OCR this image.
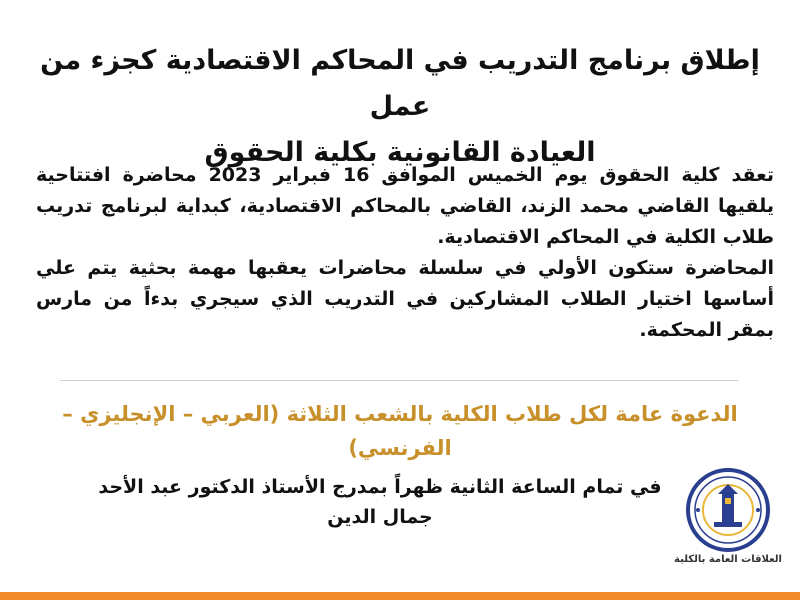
إطلاق برنامج التدريب في المحاكم الاقتصادية كجزء من عمل
العيادة القانونية بكلية الحقوق

تعقد كلية الحقوق يوم الخميس الموافق 16 فبراير 2023 محاضرة افتتاحية يلقيها القاضي محمد الزند، القاضي بالمحاكم الاقتصادية، كبداية لبرنامج تدريب طلاب الكلية في المحاكم الاقتصادية.

المحاضرة ستكون الأولي في سلسلة محاضرات يعقبها مهمة بحثية يتم علي أساسها اختيار الطلاب المشاركين في التدريب الذي سيجري بدءاً من مارس بمقر المحكمة.

الدعوة عامة لكل طلاب الكلية بالشعب الثلاثة (العربي – الإنجليزي – الفرنسي)
في تمام الساعة الثانية ظهراً بمدرج الأستاذ الدكتور عبد الأحد جمال الدين
العلاقات العامة بالكلية
